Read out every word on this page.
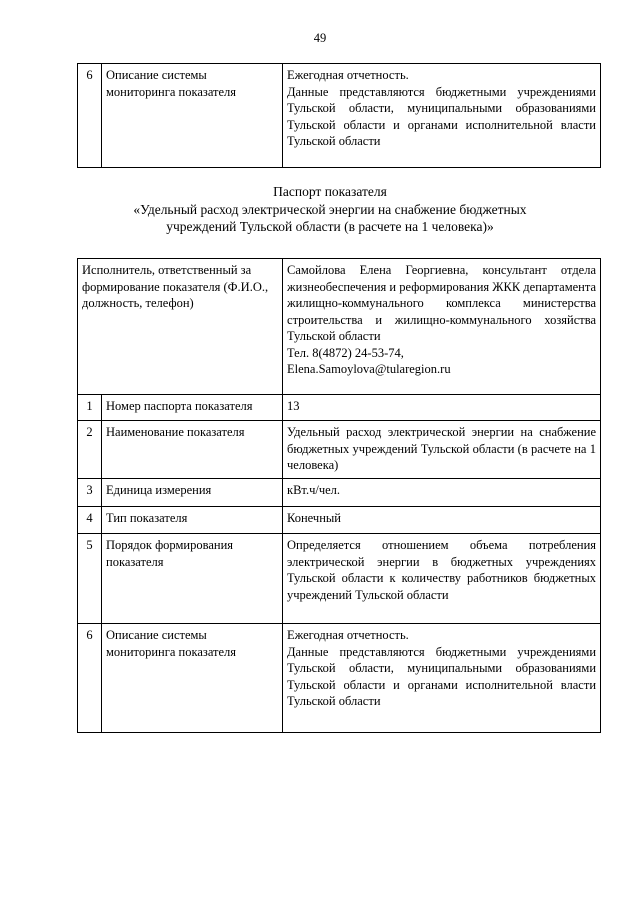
49
6	Описание системы мониторинга показателя	Ежегодная отчетность.
Данные представляются бюджетными учреждениями Тульской области, муниципальными образованиями Тульской области и органами исполнительной власти Тульской области
Паспорт показателя
«Удельный расход электрической энергии на снабжение бюджетных
учреждений Тульской области (в расчете на 1 человека)»
Исполнитель, ответственный за формирование показателя (Ф.И.О., должность, телефон)		Самойлова Елена Георгиевна, консультант отдела жизнеобеспечения и реформирования ЖКК департамента жилищно-коммунального комплекса министерства строительства и жилищно-коммунального хозяйства Тульской области
Тел. 8(4872) 24-53-74,
Elena.Samoylova@tularegion.ru

1	Номер паспорта показателя	13
2	Наименование показателя	Удельный расход электрической энергии на снабжение бюджетных учреждений Тульской области (в расчете на 1 человека)
3	Единица измерения	кВт.ч/чел.
4	Тип показателя	Конечный
5	Порядок формирования показателя	Определяется отношением объема потребления электрической энергии в бюджетных учреждениях Тульской области к количеству работников бюджетных учреждений Тульской области
6	Описание системы мониторинга показателя	Ежегодная отчетность.
Данные представляются бюджетными учреждениями Тульской области, муниципальными образованиями Тульской области и органами исполнительной власти Тульской области
